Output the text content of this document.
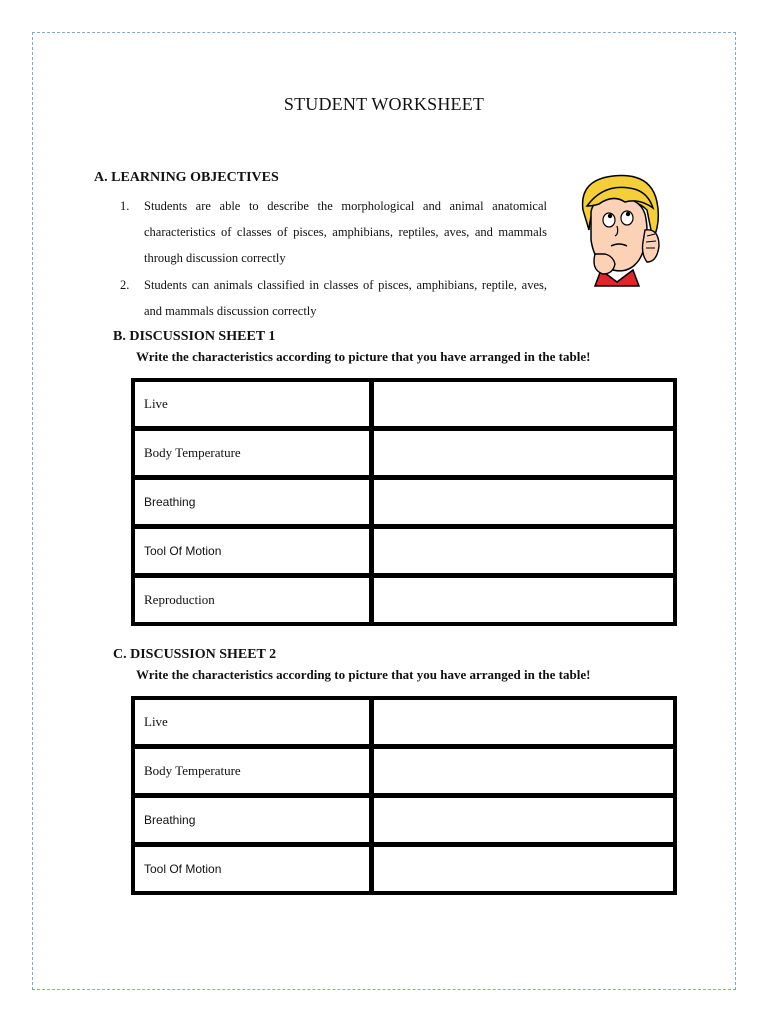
STUDENT WORKSHEET
A. LEARNING OBJECTIVES
1. Students are able to describe the morphological and animal anatomical characteristics of classes of pisces, amphibians, reptiles, aves, and mammals through discussion correctly
2. Students can animals classified in classes of pisces, amphibians, reptile, aves, and mammals discussion correctly
B. DISCUSSION SHEET 1
Write the characteristics according to picture that you have arranged in the table!
Live
Body Temperature
Breathing
Tool Of Motion
Reproduction
C. DISCUSSION SHEET 2
Write the characteristics according to picture that you have arranged in the table!
Live
Body Temperature
Breathing
Tool Of Motion
